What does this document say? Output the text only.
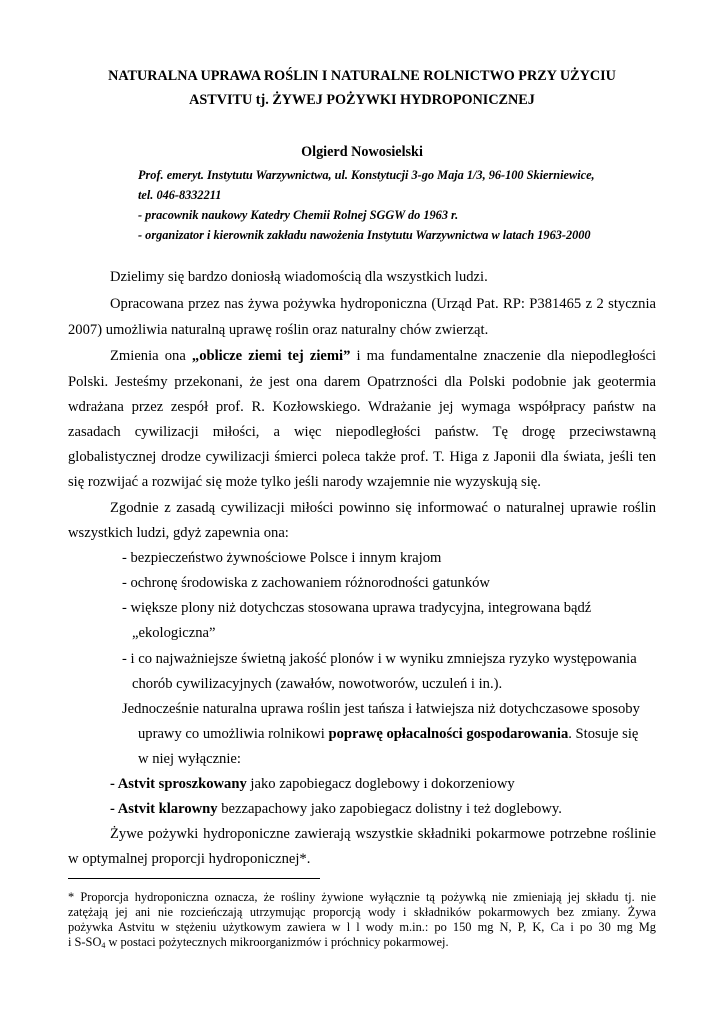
NATURALNA UPRAWA ROŚLIN I NATURALNE ROLNICTWO PRZY UŻYCIU
ASTVITU tj. ŻYWEJ POŻYWKI HYDROPONICZNEJ
Olgierd Nowosielski
Prof. emeryt. Instytutu Warzywnictwa, ul. Konstytucji 3-go Maja 1/3, 96-100 Skierniewice,
tel. 046-8332211
- pracownik naukowy Katedry Chemii Rolnej SGGW do 1963 r.
- organizator i kierownik zakładu nawożenia Instytutu Warzywnictwa w latach 1963-2000
Dzielimy się bardzo doniosłą wiadomością dla wszystkich ludzi.
Opracowana przez nas żywa pożywka hydroponiczna (Urząd Pat. RP: P381465 z 2 stycznia
2007) umożliwia naturalną uprawę roślin oraz naturalny chów zwierząt.
Zmienia ona „oblicze ziemi tej ziemi” i ma fundamentalne znaczenie dla niepodległości
Polski. Jesteśmy przekonani, że jest ona darem Opatrzności dla Polski podobnie jak geotermia
wdrażana przez zespół prof. R. Kozłowskiego. Wdrażanie jej wymaga współpracy państw na
zasadach cywilizacji miłości, a więc niepodległości państw. Tę drogę przeciwstawną
globalistycznej drodze cywilizacji śmierci poleca także prof. T. Higa z Japonii dla świata, jeśli ten
się rozwijać a rozwijać się może tylko jeśli narody wzajemnie nie wyzyskują się.
Zgodnie z zasadą cywilizacji miłości powinno się informować o naturalnej uprawie roślin
wszystkich ludzi, gdyż zapewnia ona:
- bezpieczeństwo żywnościowe Polsce i innym krajom
- ochronę środowiska z zachowaniem różnorodności gatunków
- większe plony niż dotychczas stosowana uprawa tradycyjna, integrowana bądź
„ekologiczna”
- i co najważniejsze świetną jakość plonów i w wyniku zmniejsza ryzyko występowania
chorób cywilizacyjnych (zawałów, nowotworów, uczuleń i in.).
Jednocześnie naturalna uprawa roślin jest tańsza i łatwiejsza niż dotychczasowe sposoby
uprawy co umożliwia rolnikowi poprawę opłacalności gospodarowania. Stosuje się
w niej wyłącznie:
- Astvit sproszkowany jako zapobiegacz doglebowy i dokorzeniowy
- Astvit klarowny bezzapachowy jako zapobiegacz dolistny i też doglebowy.
Żywe pożywki hydroponiczne zawierają wszystkie składniki pokarmowe potrzebne roślinie
w optymalnej proporcji hydroponicznej*.
* Proporcja hydroponiczna oznacza, że rośliny żywione wyłącznie tą pożywką nie zmieniają jej składu tj. nie
zatężają jej ani nie rozcieńczają utrzymując proporcją wody i składników pokarmowych bez zmiany. Żywa
pożywka Astvitu w stężeniu użytkowym zawiera w l l wody m.in.: po 150 mg N, P, K, Ca i po 30 mg Mg
i $S-SO_4$ w postaci pożytecznych mikroorganizmów i próchnicy pokarmowej.
